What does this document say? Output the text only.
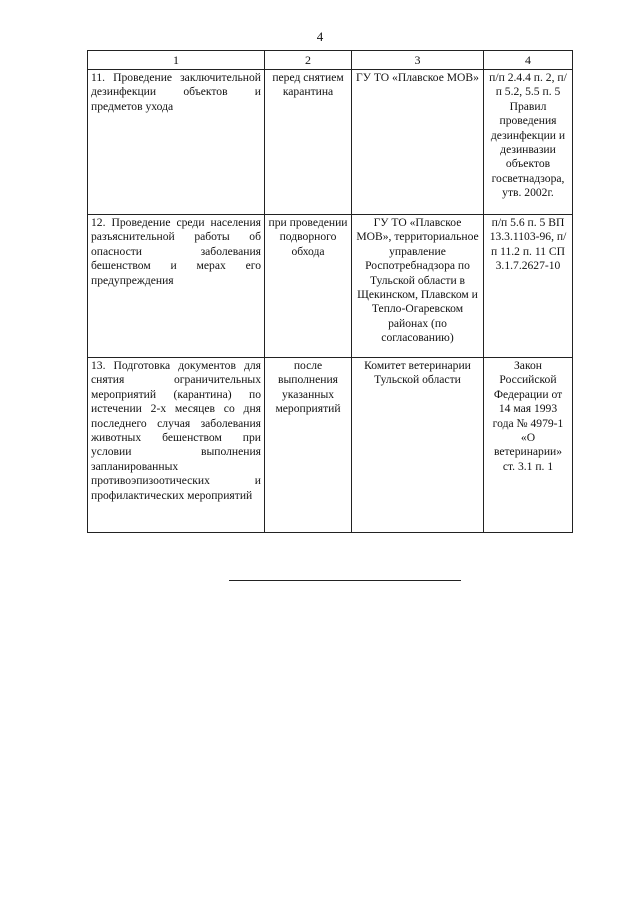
4
1	2	3	4
11. Проведение заключительной дезинфекции объектов и предметов ухода	перед снятием карантина	ГУ ТО «Плавское МОВ»	п/п 2.4.4 п. 2, п/п 5.2, 5.5 п. 5 Правил проведения дезинфекции и дезинвазии объектов госветнадзора, утв. 2002г.
12. Проведение среди населения разъяснительной работы об опасности заболевания бешенством и мерах его предупреждения	при проведении подворного обхода	ГУ ТО «Плавское МОВ», территориальное управление Роспотребнадзора по Тульской области в Щекинском, Плавском и Тепло-Огаревском районах (по согласованию)	п/п 5.6 п. 5 ВП 13.3.1103-96, п/п 11.2 п. 11 СП 3.1.7.2627-10
13. Подготовка документов для снятия ограничительных мероприятий (карантина) по истечении 2-х месяцев со дня последнего случая заболевания животных бешенством при условии выполнения запланированных противоэпизоотических и профилактических мероприятий	после выполнения указанных мероприятий	Комитет ветеринарии Тульской области	Закон Российской Федерации от 14 мая 1993 года № 4979-1 «О ветеринарии» ст. 3.1 п. 1
